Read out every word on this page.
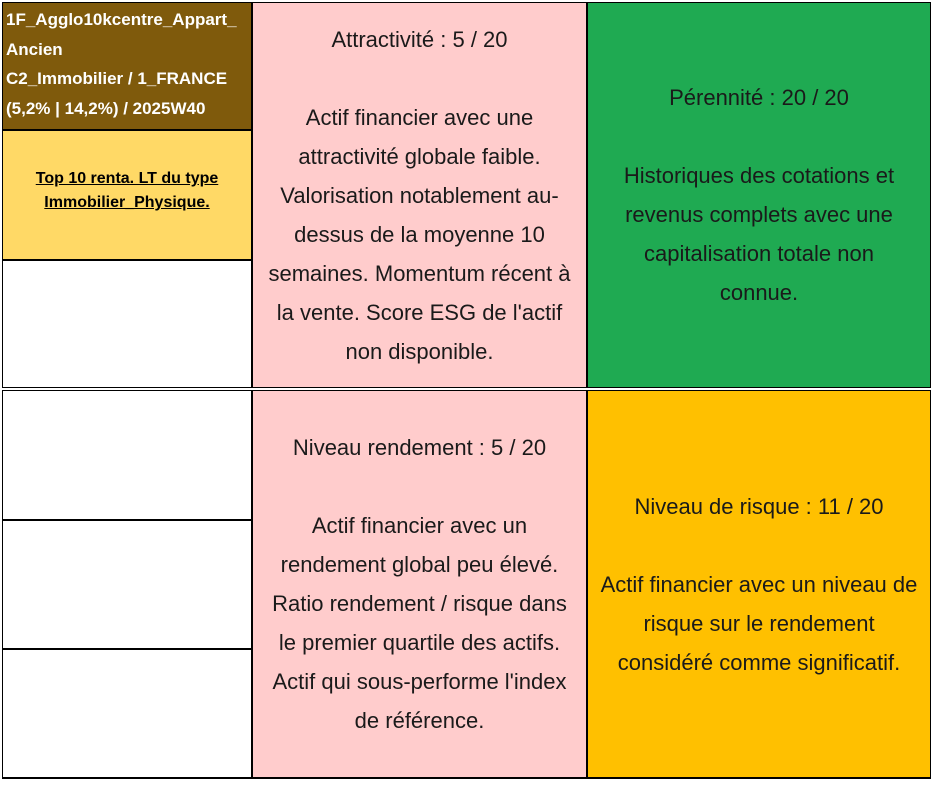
1F_Agglo10kcentre_Appart_
Ancien
C2_Immobilier / 1_FRANCE
(5,2% | 14,2%) / 2025W40
Top 10 renta. LT du type
Immobilier_Physique.
Attractivité : 5 / 20
Actif financier avec une
attractivité globale faible.
Valorisation notablement au-
dessus de la moyenne 10
semaines. Momentum récent à
la vente. Score ESG de l'actif
non disponible.
Pérennité : 20 / 20
Historiques des cotations et
revenus complets avec une
capitalisation totale non
connue.
Niveau rendement : 5 / 20
Actif financier avec un
rendement global peu élevé.
Ratio rendement / risque dans
le premier quartile des actifs.
Actif qui sous-performe l'index
de référence.
Niveau de risque : 11 / 20
Actif financier avec un niveau de
risque sur le rendement
considéré comme significatif.
